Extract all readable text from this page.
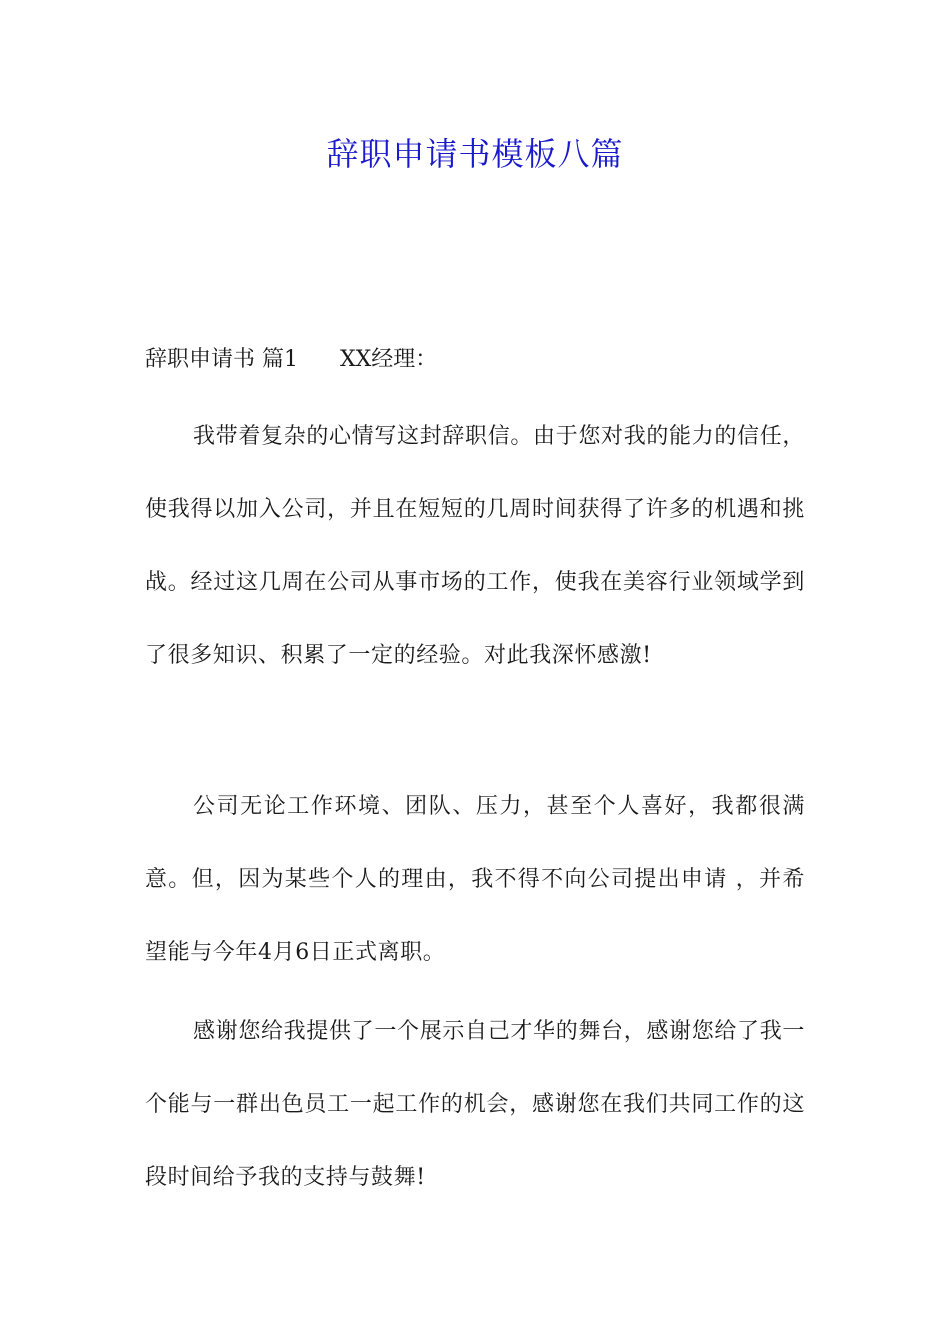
辞职申请书模板八篇
辞职申请书 篇1 XX经理：

我带着复杂的心情写这封辞职信。由于您对我的能力的信任，使我得以加入公司，并且在短短的几周时间获得了许多的机遇和挑战。经过这几周在公司从事市场的工作，使我在美容行业领域学到了很多知识、积累了一定的经验。对此我深怀感激!

公司无论工作环境、团队、压力，甚至个人喜好，我都很满意。但，因为某些个人的理由，我不得不向公司提出申请 ，并希望能与今年4月6日正式离职。

感谢您给我提供了一个展示自己才华的舞台，感谢您给了我一个能与一群出色员工一起工作的机会，感谢您在我们共同工作的这段时间给予我的支持与鼓舞!
